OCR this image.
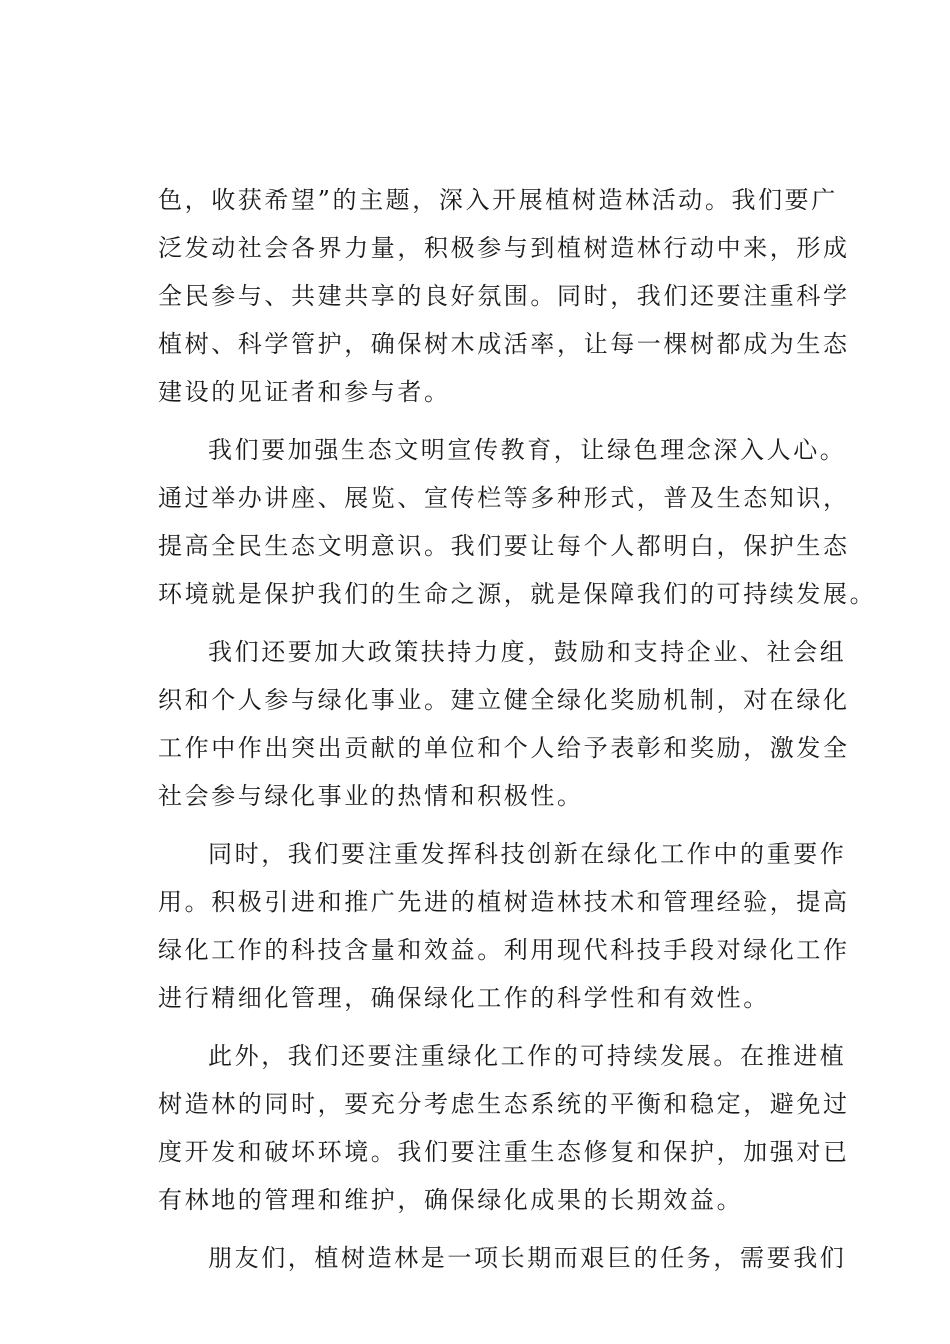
色，收获希望”的主题，深入开展植树造林活动。我们要广
泛发动社会各界力量，积极参与到植树造林行动中来，形成
全民参与、共建共享的良好氛围。同时，我们还要注重科学
植树、科学管护，确保树木成活率，让每一棵树都成为生态
建设的见证者和参与者。
我们要加强生态文明宣传教育，让绿色理念深入人心。
通过举办讲座、展览、宣传栏等多种形式，普及生态知识，
提高全民生态文明意识。我们要让每个人都明白，保护生态
环境就是保护我们的生命之源，就是保障我们的可持续发展。
我们还要加大政策扶持力度，鼓励和支持企业、社会组
织和个人参与绿化事业。建立健全绿化奖励机制，对在绿化
工作中作出突出贡献的单位和个人给予表彰和奖励，激发全
社会参与绿化事业的热情和积极性。
同时，我们要注重发挥科技创新在绿化工作中的重要作
用。积极引进和推广先进的植树造林技术和管理经验，提高
绿化工作的科技含量和效益。利用现代科技手段对绿化工作
进行精细化管理，确保绿化工作的科学性和有效性。
此外，我们还要注重绿化工作的可持续发展。在推进植
树造林的同时，要充分考虑生态系统的平衡和稳定，避免过
度开发和破坏环境。我们要注重生态修复和保护，加强对已
有林地的管理和维护，确保绿化成果的长期效益。
朋友们，植树造林是一项长期而艰巨的任务，需要我们
